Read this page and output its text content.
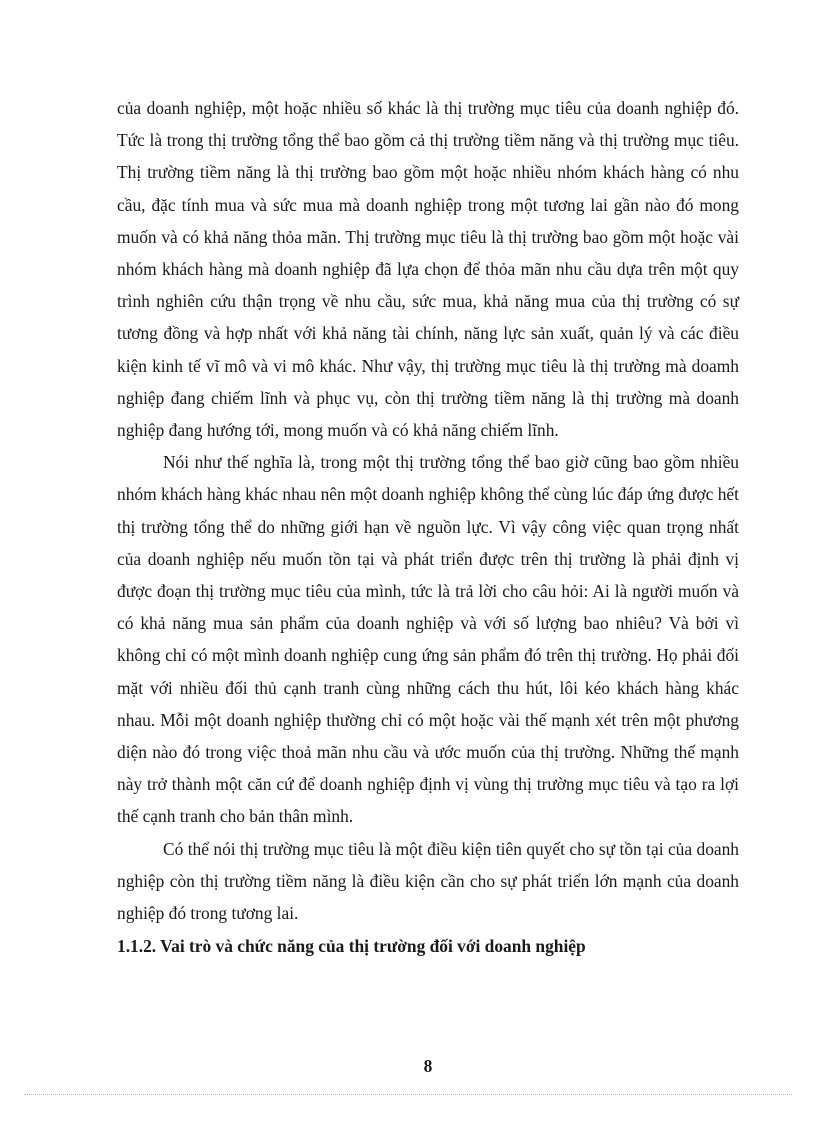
của doanh nghiệp, một hoặc nhiều số khác là thị trường mục tiêu của doanh nghiệp đó. Tức là trong thị trường tổng thể bao gồm cả thị trường tiềm năng và thị trường mục tiêu. Thị trường tiềm năng là thị trường bao gồm một hoặc nhiều nhóm khách hàng có nhu cầu, đặc tính mua và sức mua mà doanh nghiệp trong một tương lai gần nào đó mong muốn và có khả năng thỏa mãn. Thị trường mục tiêu là thị trường bao gồm một hoặc vài nhóm khách hàng mà doanh nghiệp đã lựa chọn để thỏa mãn nhu cầu dựa trên một quy trình nghiên cứu thận trọng về nhu cầu, sức mua, khả năng mua của thị trường có sự tương đồng và hợp nhất với khả năng tài chính, năng lực sản xuất, quản lý và các điều kiện kinh tế vĩ mô và vi mô khác. Như vậy, thị trường mục tiêu là thị trường mà doamh nghiệp đang chiếm lĩnh và phục vụ, còn thị trường tiềm năng là thị trường mà doanh nghiệp đang hướng tới, mong muốn và có khả năng chiếm lĩnh.

Nói như thế nghĩa là, trong một thị trường tổng thể bao giờ cũng bao gồm nhiều nhóm khách hàng khác nhau nên một doanh nghiệp không thể cùng lúc đáp ứng được hết thị trường tổng thể do những giới hạn về nguồn lực. Vì vậy công việc quan trọng nhất của doanh nghiệp nếu muốn tồn tại và phát triển được trên thị trường là phải định vị được đoạn thị trường mục tiêu của mình, tức là trả lời cho câu hỏi: Ai là người muốn và có khả năng mua sản phẩm của doanh nghiệp và với số lượng bao nhiêu? Và bởi vì không chỉ có một mình doanh nghiệp cung ứng sản phẩm đó trên thị trường. Họ phải đối mặt với nhiều đối thủ cạnh tranh cùng những cách thu hút, lôi kéo khách hàng khác nhau. Mỗi một doanh nghiệp thường chỉ có một hoặc vài thế mạnh xét trên một phương diện nào đó trong việc thoả mãn nhu cầu và ước muốn của thị trường. Những thế mạnh này trở thành một căn cứ để doanh nghiệp định vị vùng thị trường mục tiêu và tạo ra lợi thế cạnh tranh cho bản thân mình.

Có thể nói thị trường mục tiêu là một điều kiện tiên quyết cho sự tồn tại của doanh nghiệp còn thị trường tiềm năng là điều kiện cần cho sự phát triển lớn mạnh của doanh nghiệp đó trong tương lai.

1.1.2. Vai trò và chức năng của thị trường đối với doanh nghiệp

8
